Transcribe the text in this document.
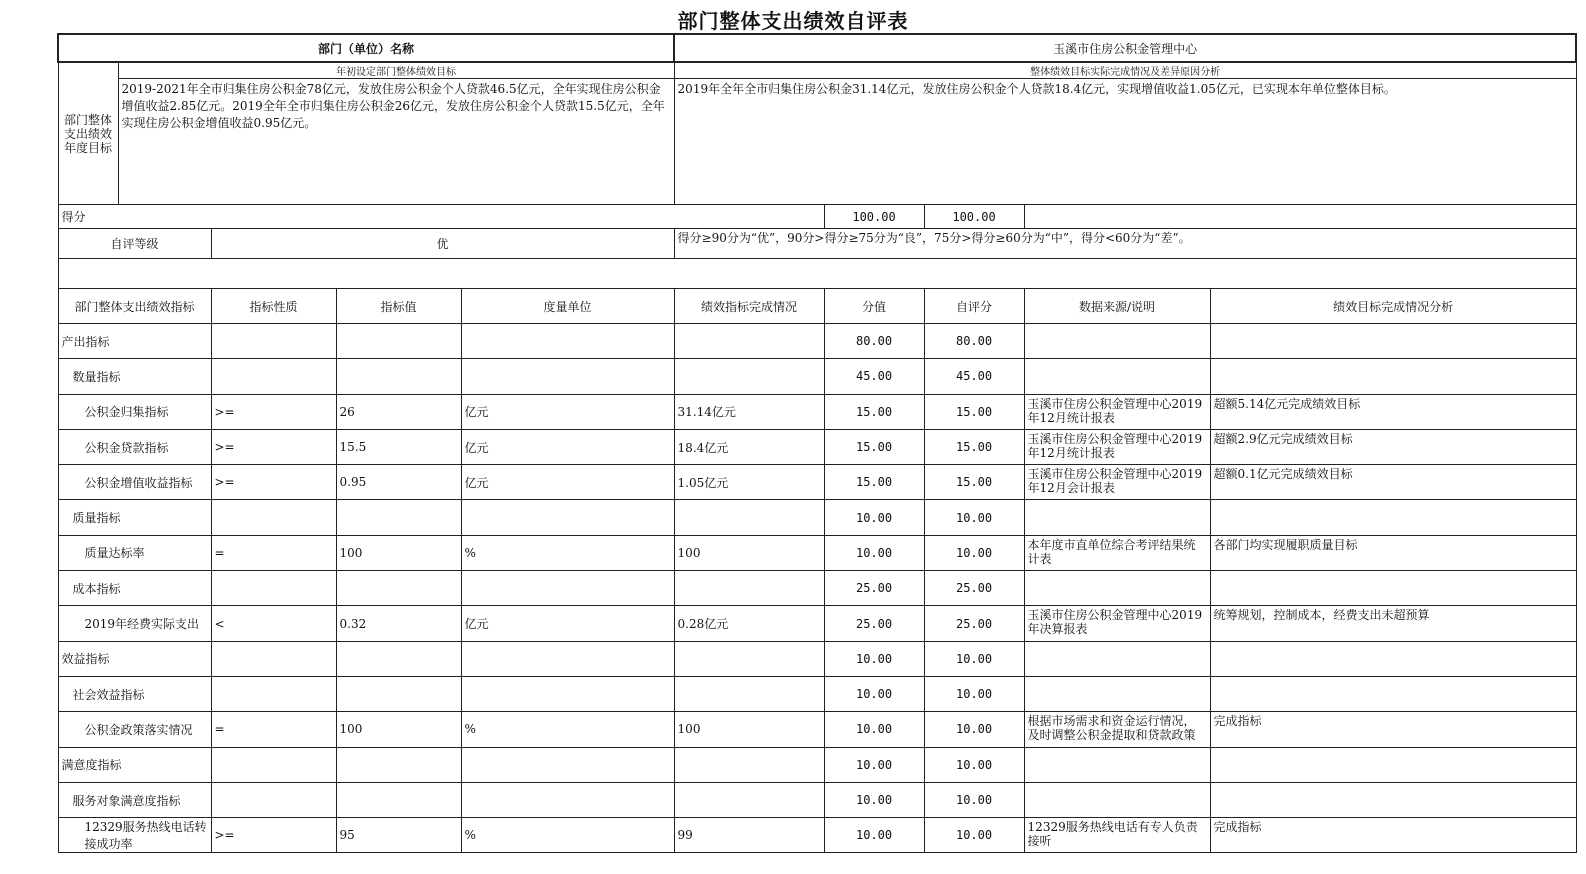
部门整体支出绩效自评表
部门（单位）名称					玉溪市住房公积金管理中心				
部门整体支出绩效年度目标	年初设定部门整体绩效目标				整体绩效目标实际完成情况及差异原因分析				
	2019-2021年全市归集住房公积金78亿元，发放住房公积金个人贷款46.5亿元，全年实现住房公积金增值收益2.85亿元。2019全年全市归集住房公积金26亿元，发放住房公积金个人贷款15.5亿元，全年实现住房公积金增值收益0.95亿元。				2019年全年全市归集住房公积金31.14亿元，发放住房公积金个人贷款18.4亿元，实现增值收益1.05亿元，已实现本年单位整体目标。				
得分						100.00	100.00		
自评等级		优			得分≥90分为“优”，90分>得分≥75分为“良”，75分>得分≥60分为“中”，得分<60分为“差”。				

部门整体支出绩效指标		指标性质	指标值	度量单位	绩效指标完成情况	分值	自评分	数据来源/说明	绩效目标完成情况分析
产出指标						80.00	80.00		
数量指标						45.00	45.00		
公积金归集指标		>=	26	亿元	31.14亿元	15.00	15.00	玉溪市住房公积金管理中心2019年12月统计报表	超额5.14亿元完成绩效目标
公积金贷款指标		>=	15.5	亿元	18.4亿元	15.00	15.00	玉溪市住房公积金管理中心2019年12月统计报表	超额2.9亿元完成绩效目标
公积金增值收益指标		>=	0.95	亿元	1.05亿元	15.00	15.00	玉溪市住房公积金管理中心2019年12月会计报表	超额0.1亿元完成绩效目标
质量指标						10.00	10.00		
质量达标率		=	100	%	100	10.00	10.00	本年度市直单位综合考评结果统计表	各部门均实现履职质量目标
成本指标						25.00	25.00		
2019年经费实际支出		<	0.32	亿元	0.28亿元	25.00	25.00	玉溪市住房公积金管理中心2019年决算报表	统筹规划，控制成本，经费支出未超预算
效益指标						10.00	10.00		
社会效益指标						10.00	10.00		
公积金政策落实情况		=	100	%	100	10.00	10.00	根据市场需求和资金运行情况，及时调整公积金提取和贷款政策	完成指标
满意度指标						10.00	10.00		
服务对象满意度指标						10.00	10.00		
12329服务热线电话转接成功率		>=	95	%	99	10.00	10.00	12329服务热线电话有专人负责接听	完成指标
